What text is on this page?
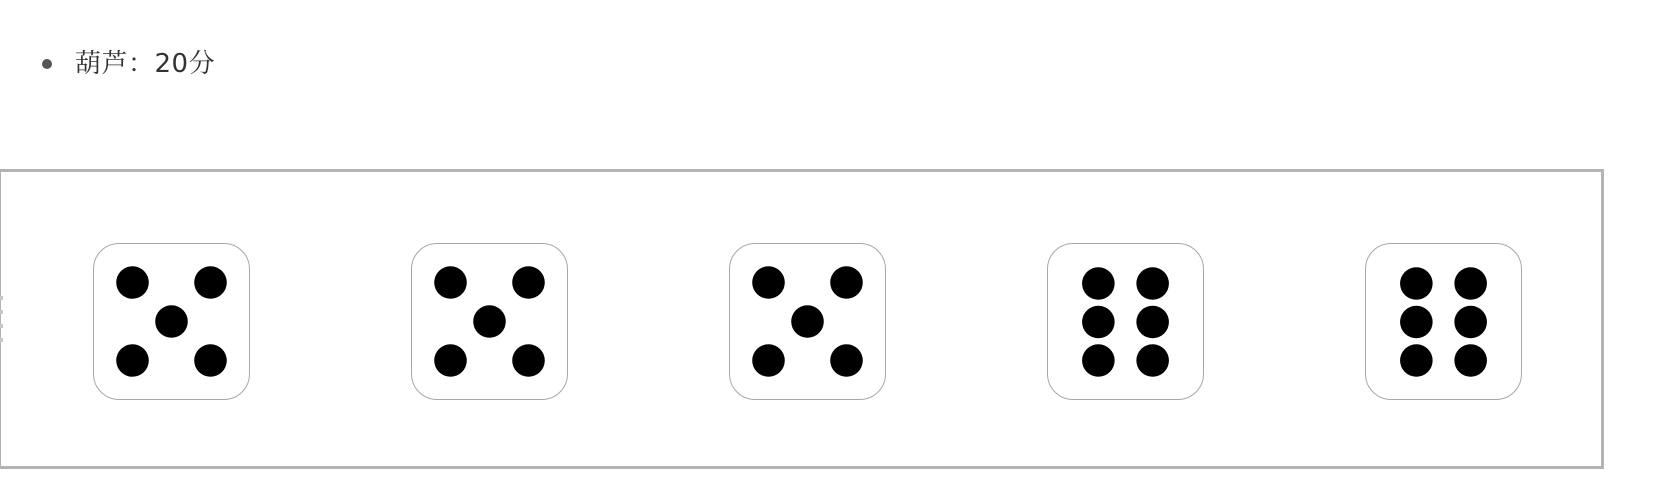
葫芦：20分
